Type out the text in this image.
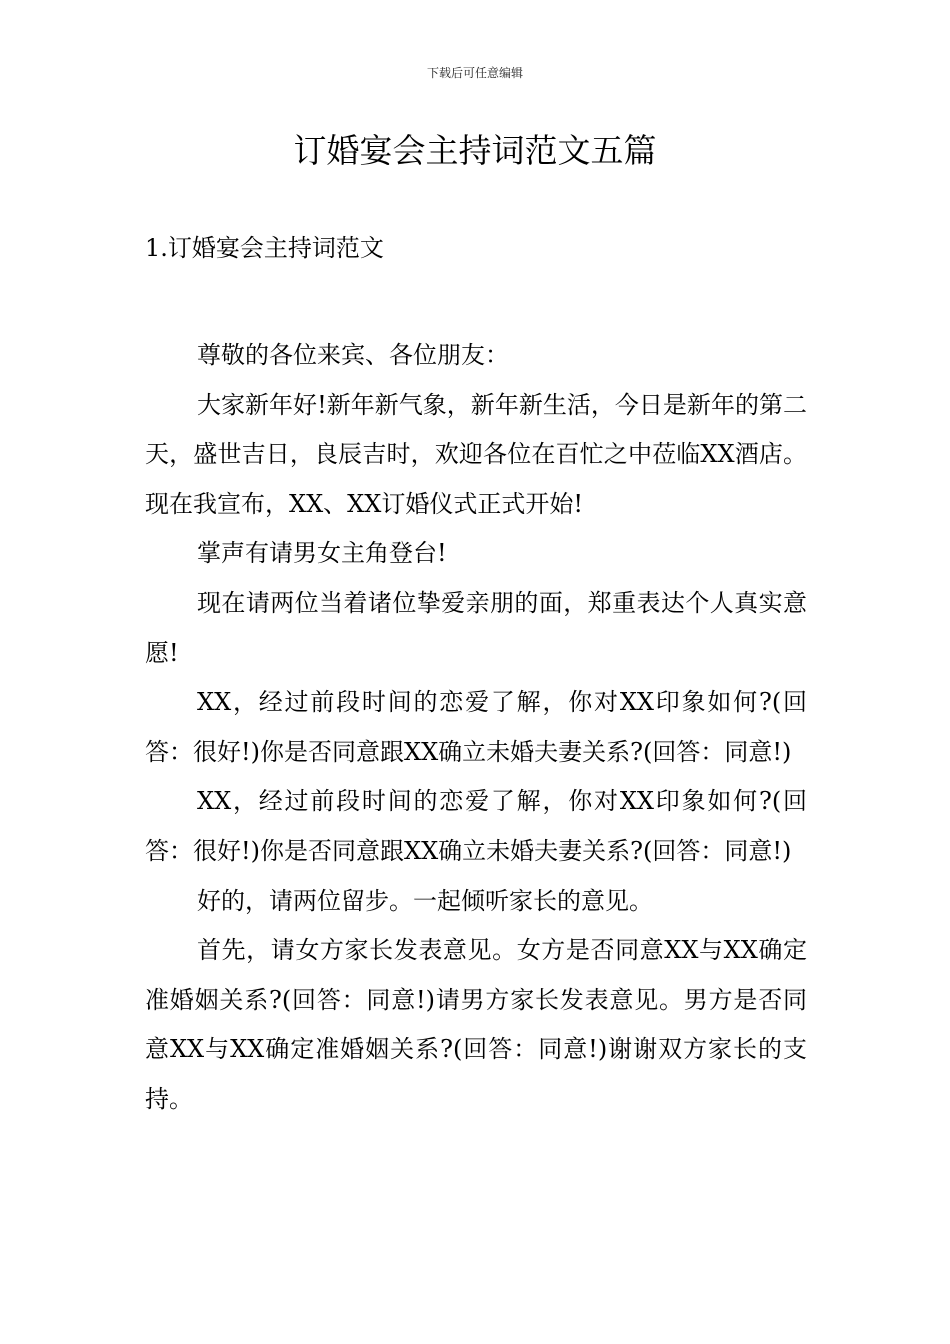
下载后可任意编辑
订婚宴会主持词范文五篇
1.订婚宴会主持词范文

尊敬的各位来宾、各位朋友：

大家新年好!新年新气象，新年新生活，今日是新年的第二天，盛世吉日，良辰吉时，欢迎各位在百忙之中莅临XX酒店。现在我宣布，XX、XX订婚仪式正式开始!

掌声有请男女主角登台!

现在请两位当着诸位挚爱亲朋的面，郑重表达个人真实意愿!

XX，经过前段时间的恋爱了解，你对XX印象如何?(回答：很好!)你是否同意跟XX确立未婚夫妻关系?(回答：同意!)

XX，经过前段时间的恋爱了解，你对XX印象如何?(回答：很好!)你是否同意跟XX确立未婚夫妻关系?(回答：同意!)

好的，请两位留步。一起倾听家长的意见。

首先，请女方家长发表意见。女方是否同意XX与XX确定准婚姻关系?(回答：同意!)请男方家长发表意见。男方是否同意XX与XX确定准婚姻关系?(回答：同意!)谢谢双方家长的支持。
